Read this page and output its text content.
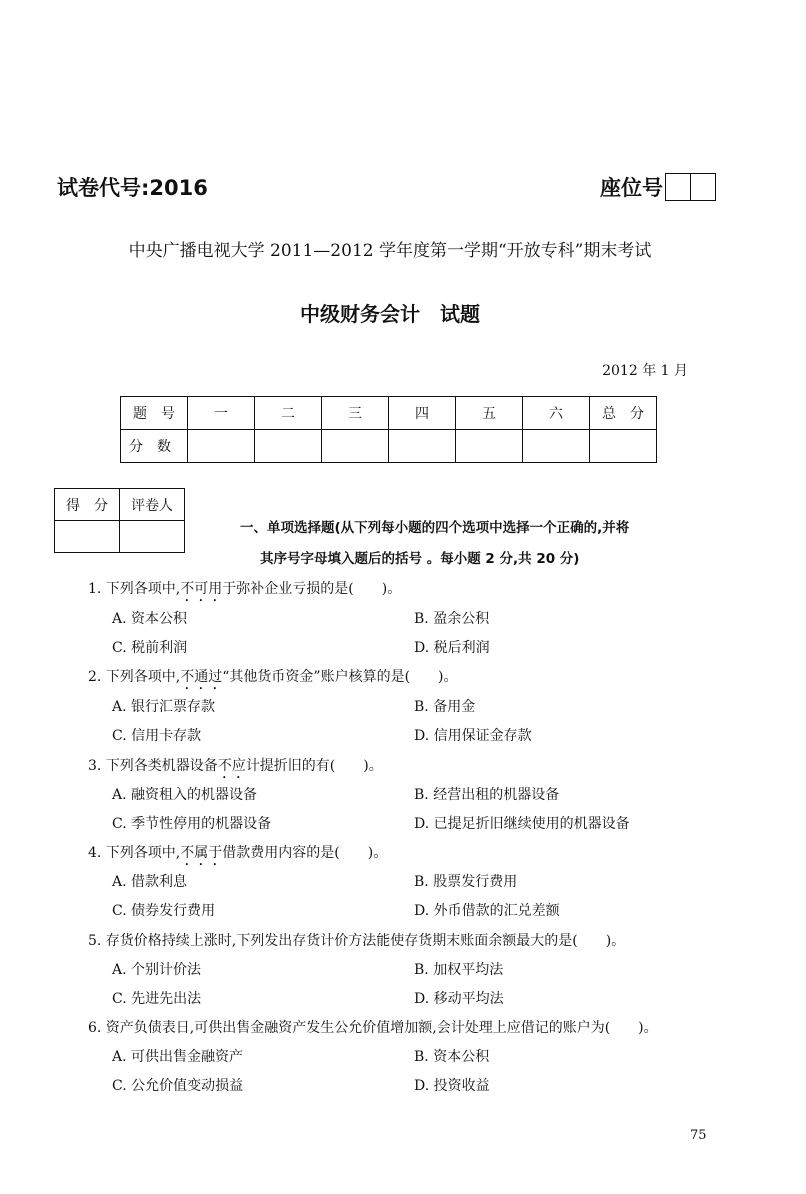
试卷代号:2016	座位号
中央广播电视大学 2011—2012 学年度第一学期“开放专科”期末考试
中级财务会计　试题
2012 年 1 月
题　号	一	二	三	四	五	六	总　分
分　数							
得　分	评卷人

一、单项选择题(从下列每小题的四个选项中选择一个正确的,并将
其序号字母填入题后的括号 。每小题 2 分,共 20 分)
1. 下列各项中,不可用于弥补企业亏损的是(　　)。
A. 资本公积	B. 盈余公积
C. 税前利润	D. 税后利润
2. 下列各项中,不通过“其他货币资金”账户核算的是(　　)。
A. 银行汇票存款	B. 备用金
C. 信用卡存款	D. 信用保证金存款
3. 下列各类机器设备不应计提折旧的有(　　)。
A. 融资租入的机器设备	B. 经营出租的机器设备
C. 季节性停用的机器设备	D. 已提足折旧继续使用的机器设备
4. 下列各项中,不属于借款费用内容的是(　　)。
A. 借款利息	B. 股票发行费用
C. 债券发行费用	D. 外币借款的汇兑差额
5. 存货价格持续上涨时,下列发出存货计价方法能使存货期末账面余额最大的是(　　)。
A. 个别计价法	B. 加权平均法
C. 先进先出法	D. 移动平均法
6. 资产负债表日,可供出售金融资产发生公允价值增加额,会计处理上应借记的账户为(　　)。
A. 可供出售金融资产	B. 资本公积
C. 公允价值变动损益	D. 投资收益
75
